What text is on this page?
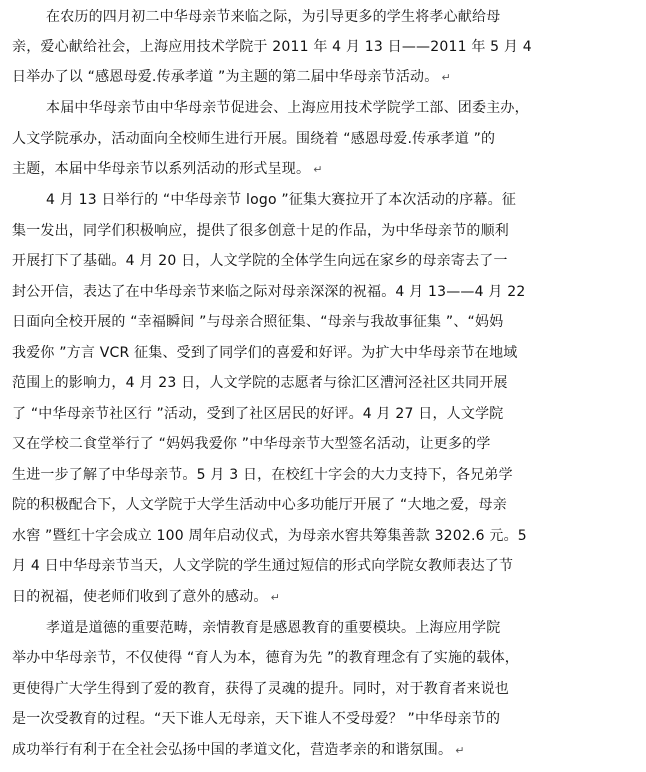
在农历的四月初二中华母亲节来临之际，为引导更多的学生将孝心献给母
亲，爱心献给社会，上海应用技术学院于 2011 年 4 月 13 日——2011 年 5 月 4
日举办了以 “感恩母爱.传承孝道 ”为主题的第二届中华母亲节活动。 ↵
本届中华母亲节由中华母亲节促进会、上海应用技术学院学工部、团委主办，
人文学院承办，活动面向全校师生进行开展。围绕着 “感恩母爱.传承孝道 ”的
主题，本届中华母亲节以系列活动的形式呈现。 ↵
4 月 13 日举行的 “中华母亲节 logo ”征集大赛拉开了本次活动的序幕。征
集一发出，同学们积极响应，提供了很多创意十足的作品，为中华母亲节的顺利
开展打下了基础。4 月 20 日，人文学院的全体学生向远在家乡的母亲寄去了一
封公开信，表达了在中华母亲节来临之际对母亲深深的祝福。4 月 13——4 月 22
日面向全校开展的 “幸福瞬间 ”与母亲合照征集、“母亲与我故事征集 ”、“妈妈
我爱你 ”方言 VCR 征集、受到了同学们的喜爱和好评。为扩大中华母亲节在地域
范围上的影响力，4 月 23 日，人文学院的志愿者与徐汇区漕河泾社区共同开展
了 “中华母亲节社区行 ”活动，受到了社区居民的好评。4 月 27 日，人文学院
又在学校二食堂举行了 “妈妈我爱你 ”中华母亲节大型签名活动，让更多的学
生进一步了解了中华母亲节。5 月 3 日，在校红十字会的大力支持下，各兄弟学
院的积极配合下，人文学院于大学生活动中心多功能厅开展了 “大地之爱，母亲
水窖 ”暨红十字会成立 100 周年启动仪式，为母亲水窖共筹集善款 3202.6 元。5
月 4 日中华母亲节当天，人文学院的学生通过短信的形式向学院女教师表达了节
日的祝福，使老师们收到了意外的感动。 ↵
孝道是道德的重要范畴，亲情教育是感恩教育的重要模块。上海应用学院
举办中华母亲节，不仅使得 “育人为本，德育为先 ”的教育理念有了实施的载体，
更使得广大学生得到了爱的教育，获得了灵魂的提升。同时，对于教育者来说也
是一次受教育的过程。“天下谁人无母亲，天下谁人不受母爱？ ”中华母亲节的
成功举行有利于在全社会弘扬中国的孝道文化，营造孝亲的和谐氛围。 ↵
